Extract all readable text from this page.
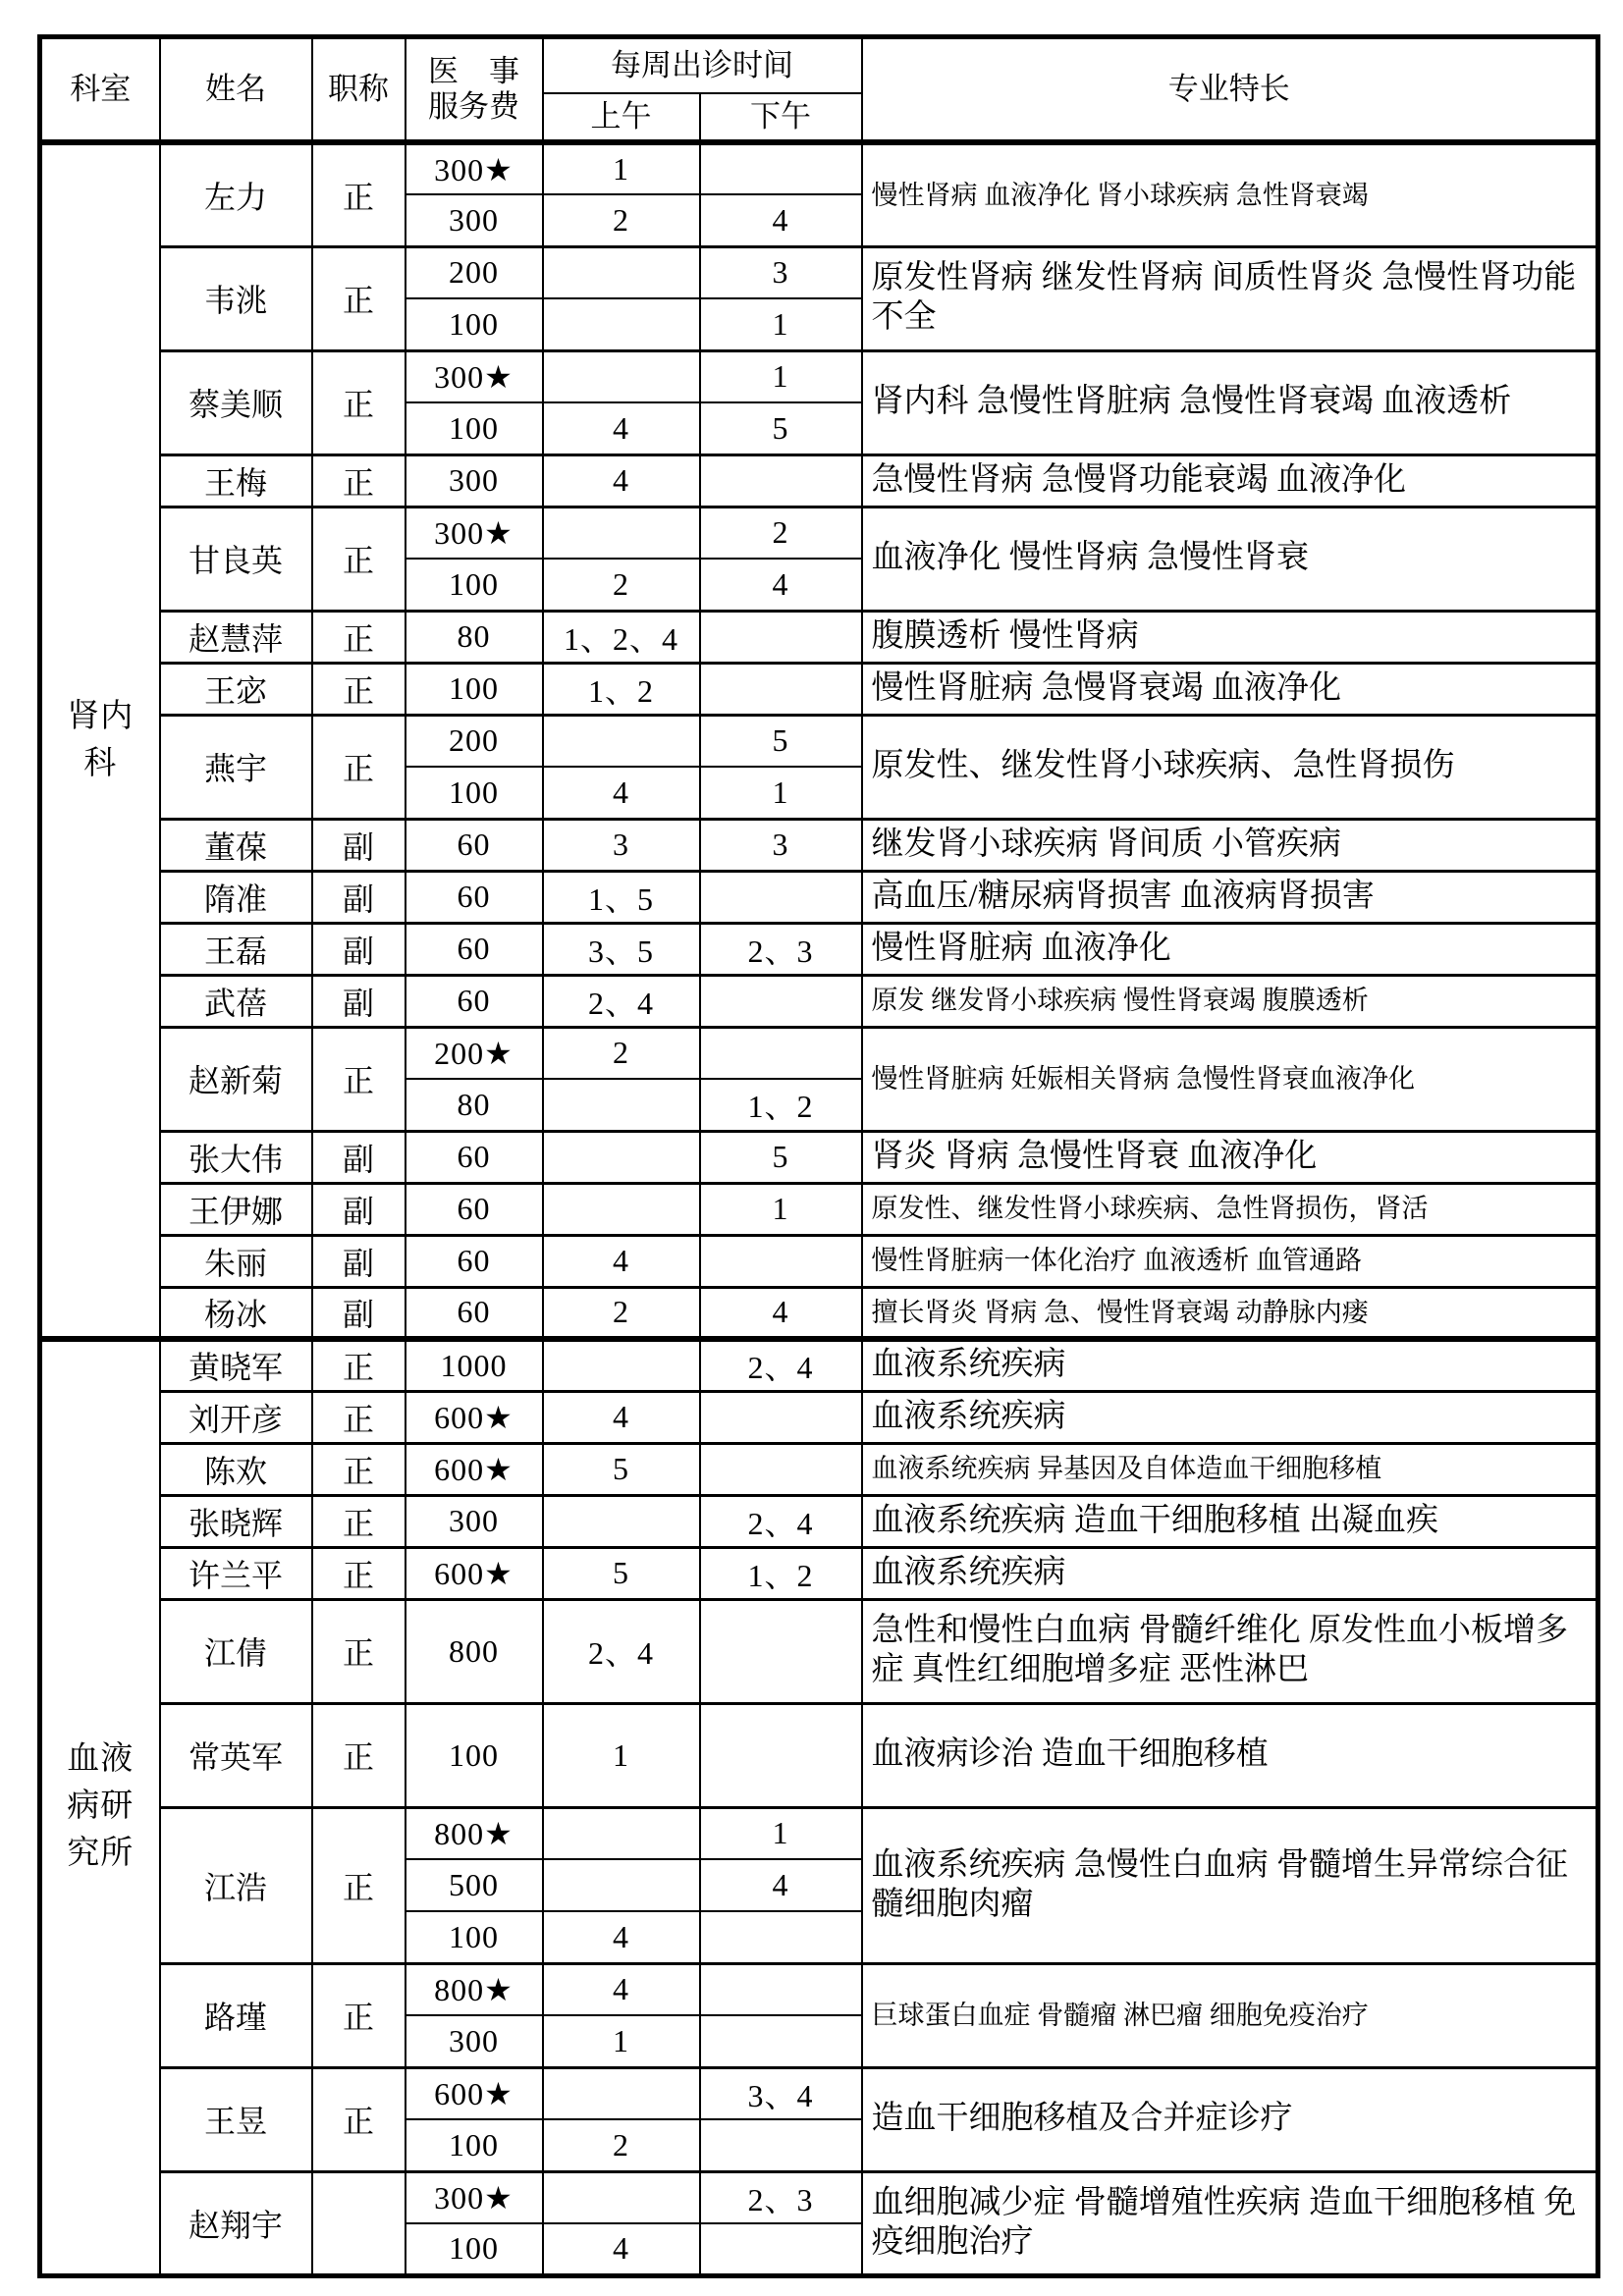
科室	姓名	职称	医　事
服务费	每周出诊时间		专业特长
				上午	下午	
肾内科	左力	正	300★	1		慢性肾病 血液净化 肾小球疾病 急性肾衰竭
			300	2	4	
	韦洮	正	200		3	原发性肾病 继发性肾病 间质性肾炎 急慢性肾功能不全
			100		1	
	蔡美顺	正	300★		1	肾内科 急慢性肾脏病 急慢性肾衰竭 血液透析
			100	4	5	
	王梅	正	300	4		急慢性肾病 急慢肾功能衰竭 血液净化
	甘良英	正	300★		2	血液净化 慢性肾病 急慢性肾衰
			100	2	4	
	赵慧萍	正	80	1、2、4		腹膜透析 慢性肾病
	王宓	正	100	1、2		慢性肾脏病 急慢肾衰竭 血液净化
	燕宇	正	200		5	原发性、继发性肾小球疾病、急性肾损伤
			100	4	1	
	董葆	副	60	3	3	继发肾小球疾病 肾间质 小管疾病
	隋准	副	60	1、5		高血压/糖尿病肾损害 血液病肾损害
	王磊	副	60	3、5	2、3	慢性肾脏病 血液净化
	武蓓	副	60	2、4		原发 继发肾小球疾病 慢性肾衰竭 腹膜透析
	赵新菊	正	200★	2		慢性肾脏病 妊娠相关肾病 急慢性肾衰血液净化
			80		1、2	
	张大伟	副	60		5	肾炎 肾病 急慢性肾衰 血液净化
	王伊娜	副	60		1	原发性、继发性肾小球疾病、急性肾损伤，肾活
	朱丽	副	60	4		慢性肾脏病一体化治疗 血液透析 血管通路
	杨冰	副	60	2	4	擅长肾炎 肾病 急、慢性肾衰竭 动静脉内瘘
血液病研究所	黄晓军	正	1000		2、4	血液系统疾病
	刘开彦	正	600★	4		血液系统疾病
	陈欢	正	600★	5		血液系统疾病 异基因及自体造血干细胞移植
	张晓辉	正	300		2、4	血液系统疾病 造血干细胞移植 出凝血疾
	许兰平	正	600★	5	1、2	血液系统疾病
	江倩	正	800	2、4		急性和慢性白血病 骨髓纤维化 原发性血小板增多症 真性红细胞增多症 恶性淋巴
	常英军	正	100	1		血液病诊治 造血干细胞移植
	江浩	正	800★		1	血液系统疾病 急慢性白血病 骨髓增生异常综合征 髓细胞肉瘤
			500		4	
			100	4		
	路瑾	正	800★	4		巨球蛋白血症 骨髓瘤 淋巴瘤 细胞免疫治疗
			300	1		
	王昱	正	600★		3、4	造血干细胞移植及合并症诊疗
			100	2		
	赵翔宇		300★		2、3	血细胞减少症 骨髓增殖性疾病 造血干细胞移植 免疫细胞治疗
			100	4		
